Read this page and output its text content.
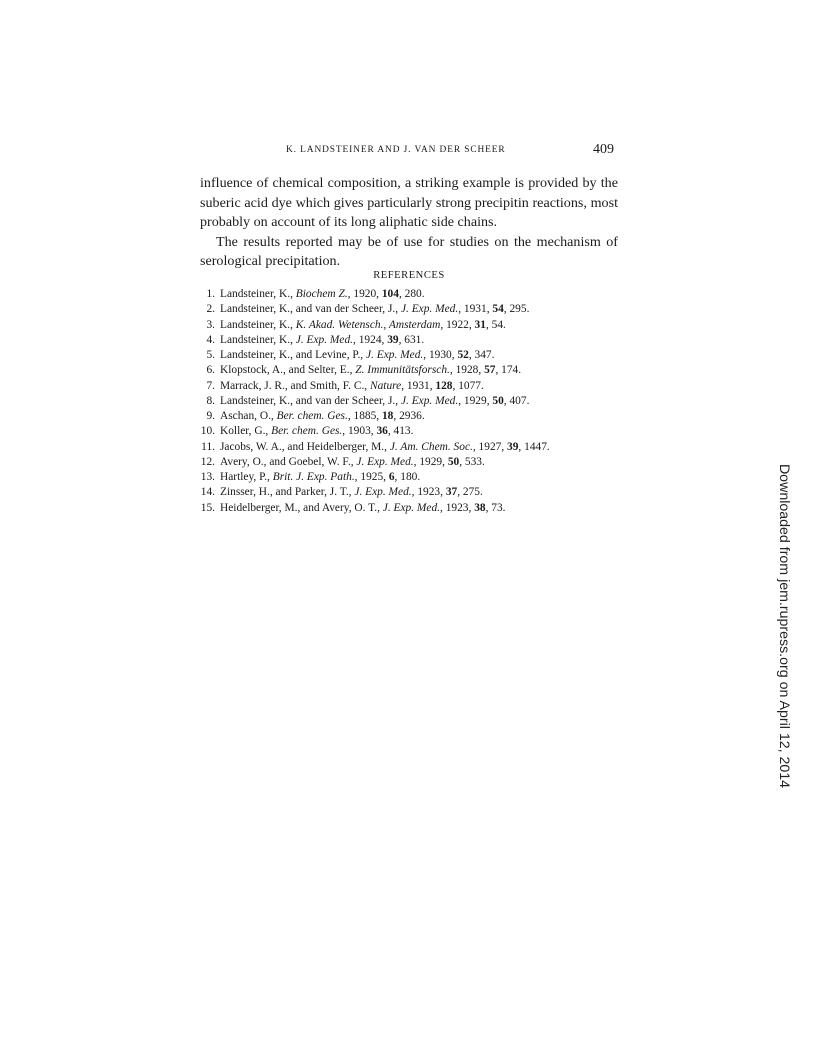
K. LANDSTEINER AND J. VAN DER SCHEER	409

influence of chemical composition, a striking example is provided by the suberic acid dye which gives particularly strong precipitin reactions, most probably on account of its long aliphatic side chains.

The results reported may be of use for studies on the mechanism of serological precipitation.

REFERENCES
1. Landsteiner, K., Biochem Z., 1920, 104, 280.
2. Landsteiner, K., and van der Scheer, J., J. Exp. Med., 1931, 54, 295.
3. Landsteiner, K., K. Akad. Wetensch., Amsterdam, 1922, 31, 54.
4. Landsteiner, K., J. Exp. Med., 1924, 39, 631.
5. Landsteiner, K., and Levine, P., J. Exp. Med., 1930, 52, 347.
6. Klopstock, A., and Selter, E., Z. Immunitätsforsch., 1928, 57, 174.
7. Marrack, J. R., and Smith, F. C., Nature, 1931, 128, 1077.
8. Landsteiner, K., and van der Scheer, J., J. Exp. Med., 1929, 50, 407.
9. Aschan, O., Ber. chem. Ges., 1885, 18, 2936.
10. Koller, G., Ber. chem. Ges., 1903, 36, 413.
11. Jacobs, W. A., and Heidelberger, M., J. Am. Chem. Soc., 1927, 39, 1447.
12. Avery, O., and Goebel, W. F., J. Exp. Med., 1929, 50, 533.
13. Hartley, P., Brit. J. Exp. Path., 1925, 6, 180.
14. Zinsser, H., and Parker, J. T., J. Exp. Med., 1923, 37, 275.
15. Heidelberger, M., and Avery, O. T., J. Exp. Med., 1923, 38, 73.	Downloaded from jem.rupress.org on April 12, 2014
